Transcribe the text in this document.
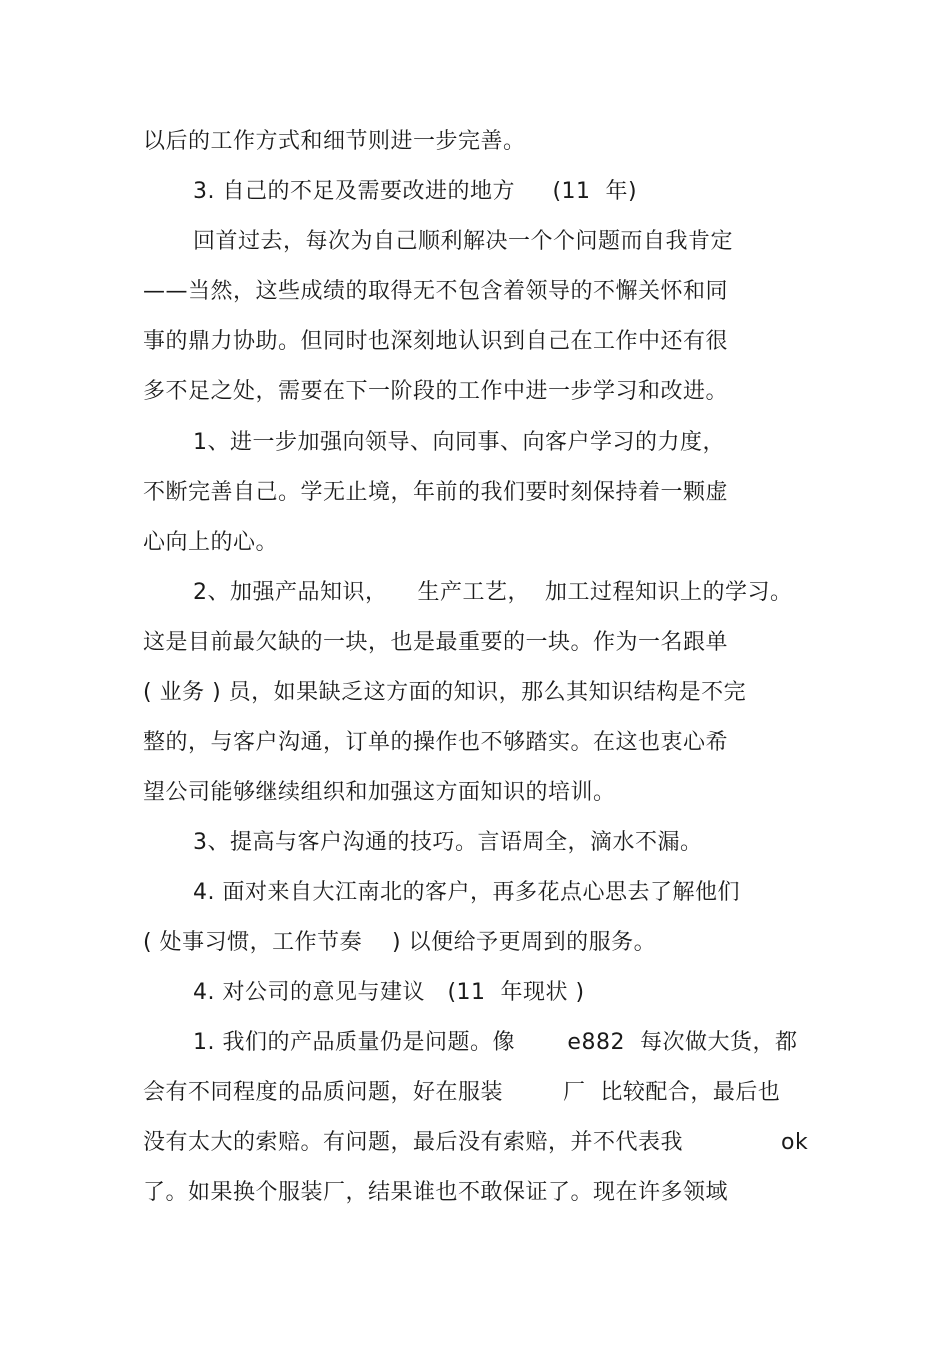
以后的工作方式和细节则进一步完善。
3. 自己的不足及需要改进的地方     (11  年)
回首过去，每次为自己顺利解决一个个问题而自我肯定
——当然，这些成绩的取得无不包含着领导的不懈关怀和同
事的鼎力协助。但同时也深刻地认识到自己在工作中还有很
多不足之处，需要在下一阶段的工作中进一步学习和改进。
1、进一步加强向领导、向同事、向客户学习的力度，
不断完善自己。学无止境，年前的我们要时刻保持着一颗虚
心向上的心。
2、加强产品知识，    生产工艺，  加工过程知识上的学习。
这是目前最欠缺的一块，也是最重要的一块。作为一名跟单
( 业务 ) 员，如果缺乏这方面的知识，那么其知识结构是不完
整的，与客户沟通，订单的操作也不够踏实。在这也衷心希
望公司能够继续组织和加强这方面知识的培训。
3、提高与客户沟通的技巧。言语周全，滴水不漏。
4. 面对来自大江南北的客户，再多花点心思去了解他们
( 处事习惯，工作节奏    ) 以便给予更周到的服务。
4. 对公司的意见与建议   (11  年现状 )
1. 我们的产品质量仍是问题。像       e882  每次做大货，都
会有不同程度的品质问题，好在服装        厂  比较配合，最后也
没有太大的索赔。有问题，最后没有索赔，并不代表我	ok
了。如果换个服装厂，结果谁也不敢保证了。现在许多领域
